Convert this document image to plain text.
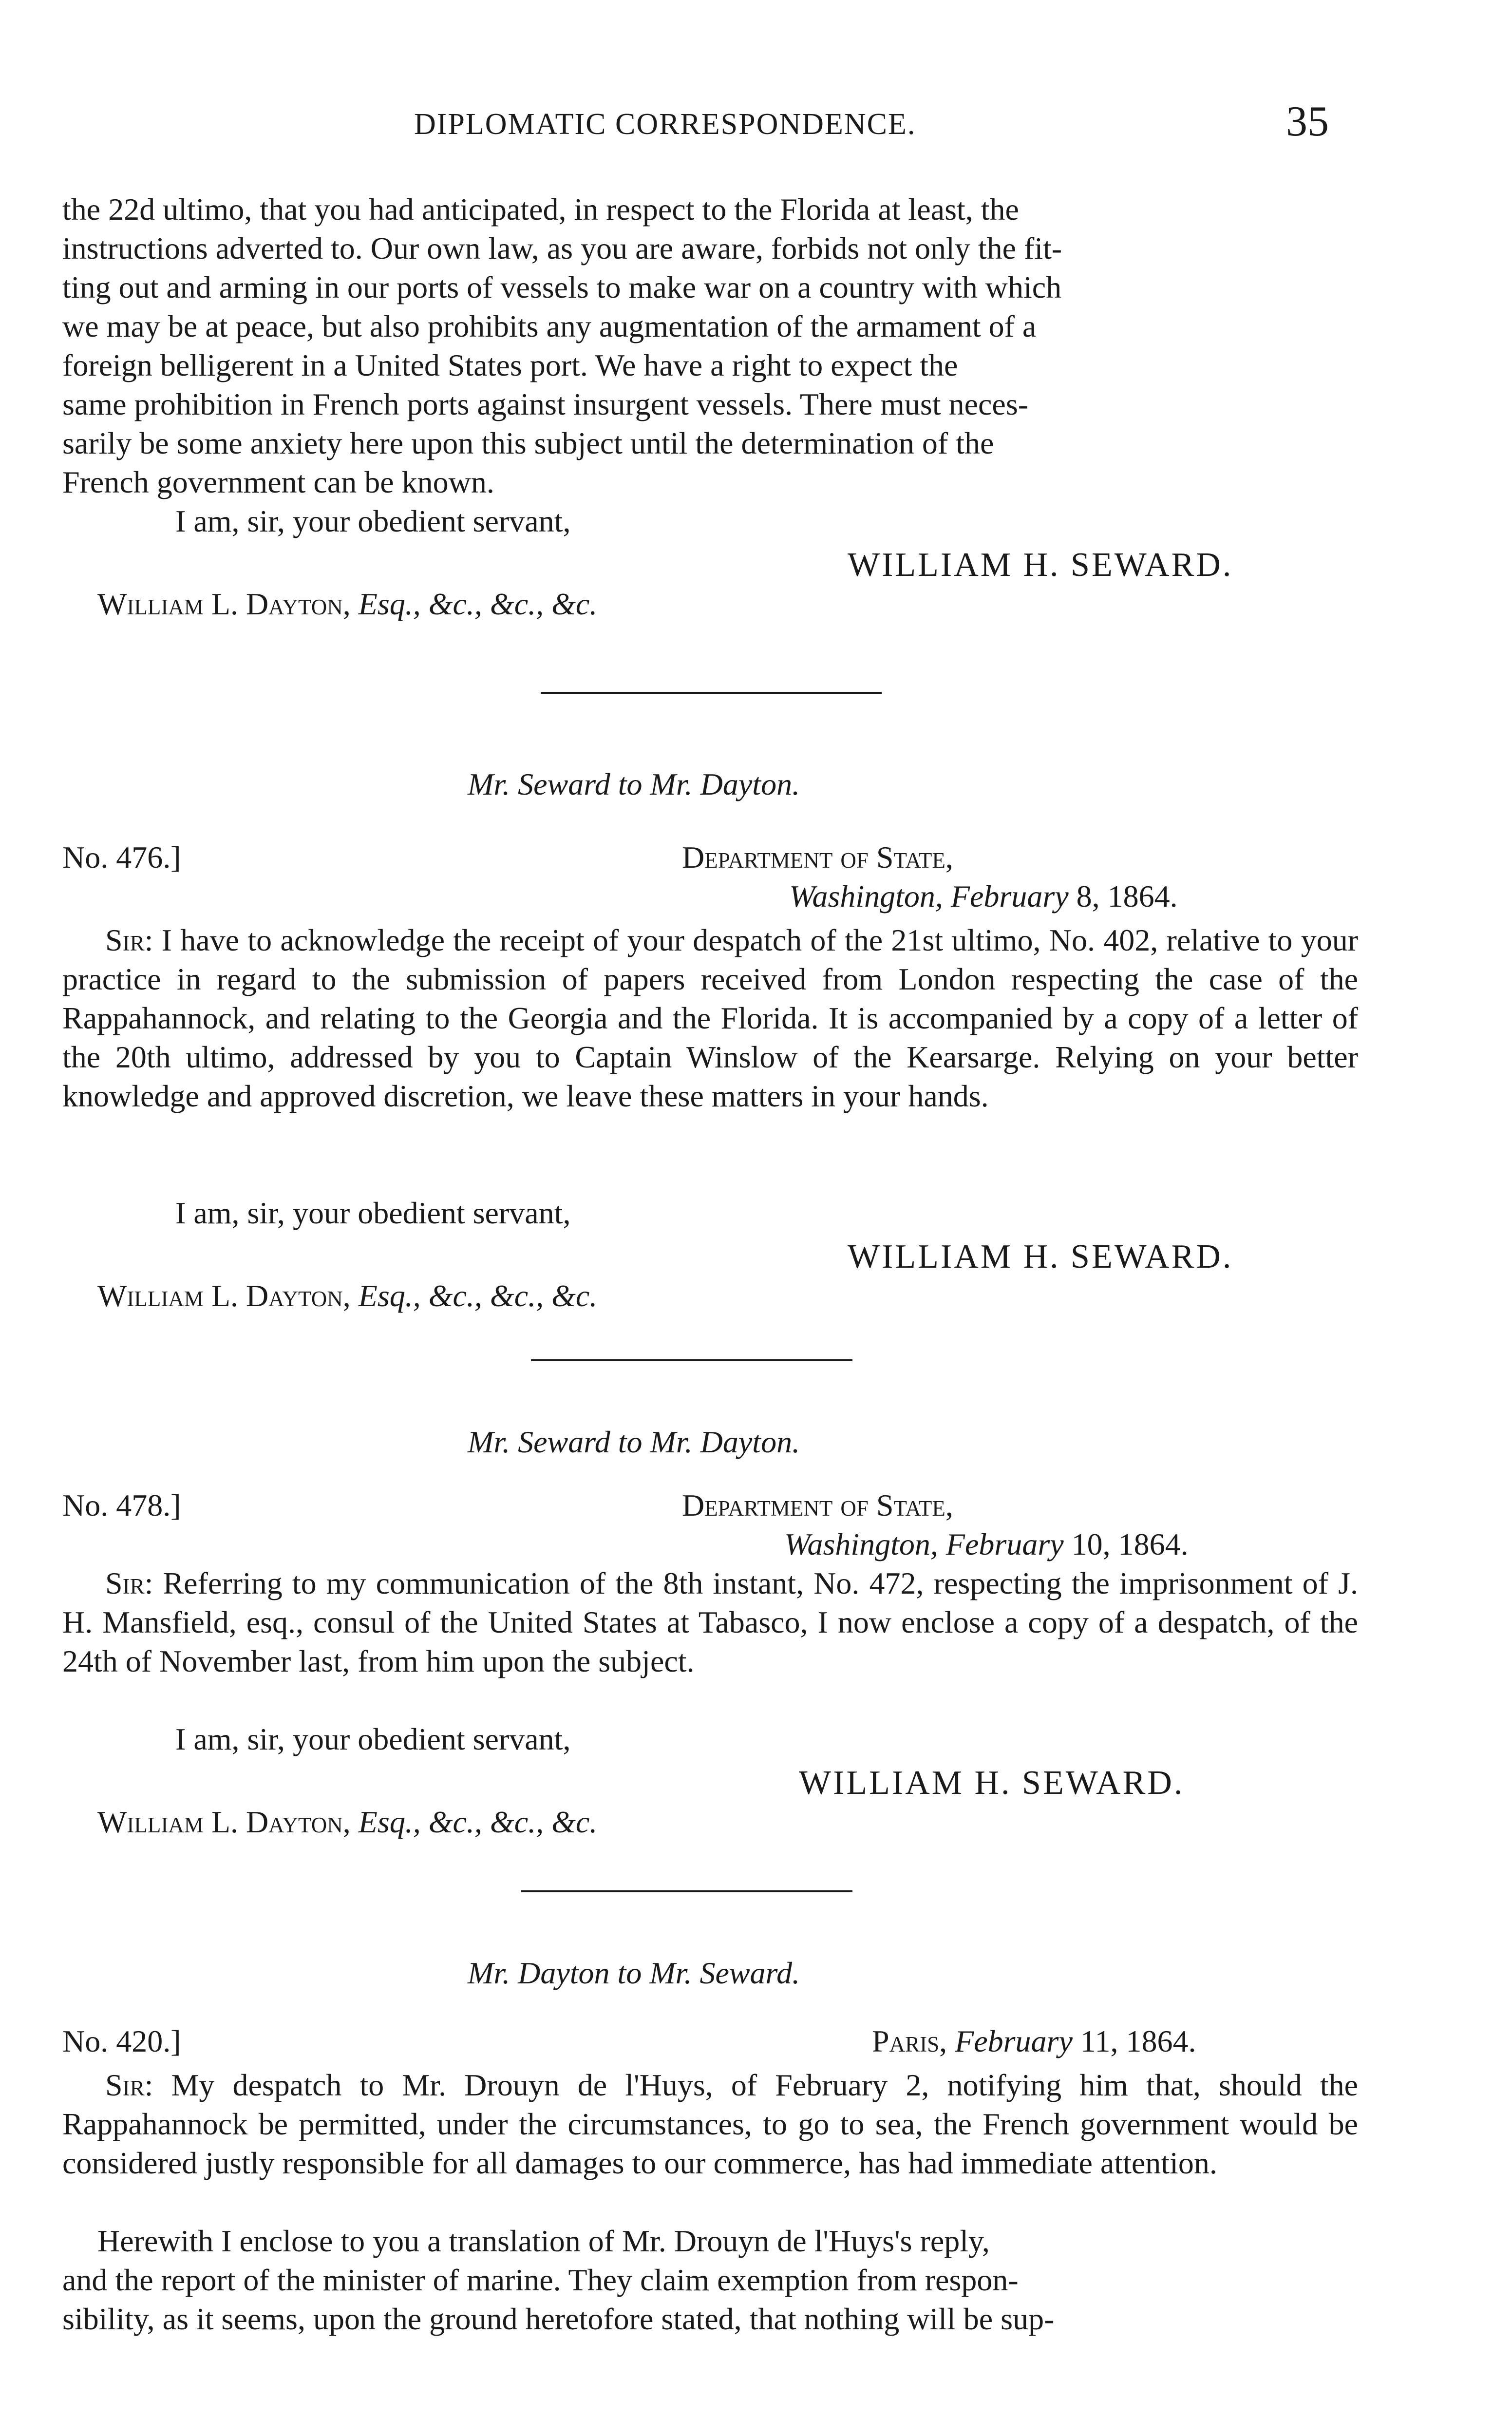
DIPLOMATIC CORRESPONDENCE.	35
the 22d ultimo, that you had anticipated, in respect to the Florida at least, the
instructions adverted to. Our own law, as you are aware, forbids not only the fit-
ting out and arming in our ports of vessels to make war on a country with which
we may be at peace, but also prohibits any augmentation of the armament of a
foreign belligerent in a United States port. We have a right to expect the
same prohibition in French ports against insurgent vessels. There must neces-
sarily be some anxiety here upon this subject until the determination of the
French government can be known.
I am, sir, your obedient servant,
WILLIAM H. SEWARD.
William L. Dayton, Esq., &c., &c., &c.
Mr. Seward to Mr. Dayton.
No. 476.]	Department of State,
Washington, February 8, 1864.

Sir: I have to acknowledge the receipt of your despatch of the 21st ultimo, No. 402, relative to your practice in regard to the submission of papers received from London respecting the case of the Rappahannock, and relating to the Georgia and the Florida. It is accompanied by a copy of a letter of the 20th ultimo, addressed by you to Captain Winslow of the Kearsarge. Relying on your better knowledge and approved discretion, we leave these matters in your hands.

I am, sir, your obedient servant,
WILLIAM H. SEWARD.
William L. Dayton, Esq., &c., &c., &c.
Mr. Seward to Mr. Dayton.
No. 478.]	Department of State,
Washington, February 10, 1864.

Sir: Referring to my communication of the 8th instant, No. 472, respecting the imprisonment of J. H. Mansfield, esq., consul of the United States at Tabasco, I now enclose a copy of a despatch, of the 24th of November last, from him upon the subject.

I am, sir, your obedient servant,
WILLIAM H. SEWARD.
William L. Dayton, Esq., &c., &c., &c.
Mr. Dayton to Mr. Seward.
No. 420.]	Paris, February 11, 1864.

Sir: My despatch to Mr. Drouyn de l'Huys, of February 2, notifying him that, should the Rappahannock be permitted, under the circumstances, to go to sea, the French government would be considered justly responsible for all damages to our commerce, has had immediate attention.

Herewith I enclose to you a translation of Mr. Drouyn de l'Huys's reply,
and the report of the minister of marine. They claim exemption from respon-
sibility, as it seems, upon the ground heretofore stated, that nothing will be sup-
